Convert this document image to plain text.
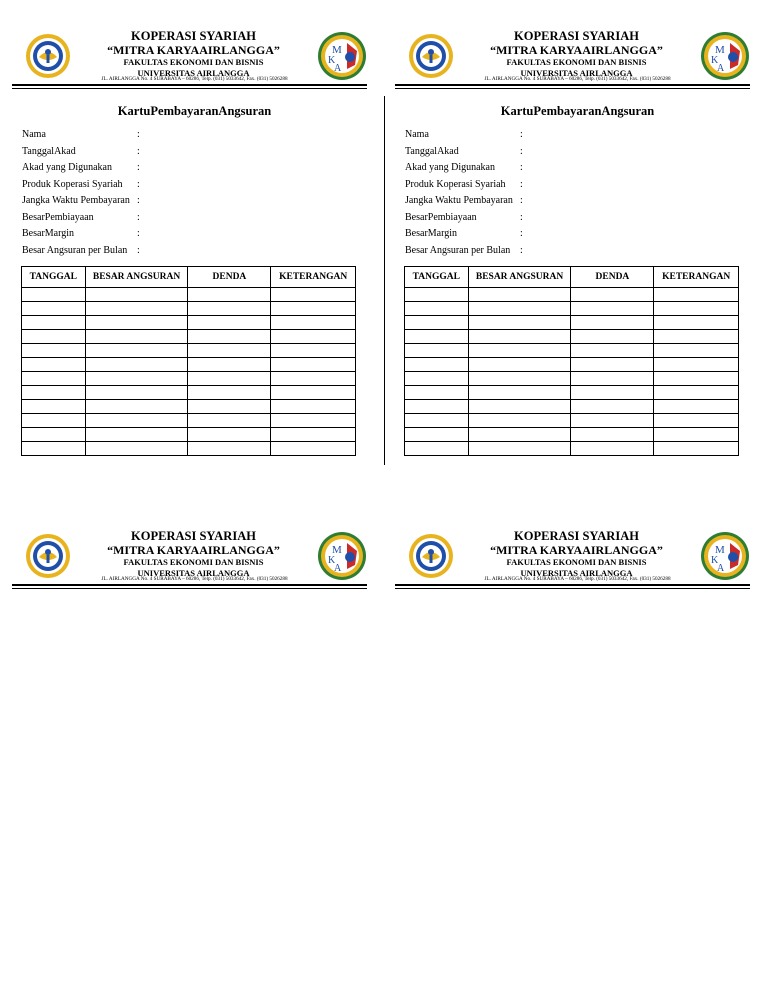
KOPERASI SYARIAH
“MITRA KARYAAIRLANGGA”
FAKULTAS EKONOMI DAN BISNIS
UNIVERSITAS AIRLANGGA
M
K
A
JL. AIRLANGGA No. 4 SURABAYA – 60286, Telp. (031) 5033642, Fax. (031) 5026288
KartuPembayaranAngsuran
Nama	:
TanggalAkad	:
Akad yang Digunakan	:
Produk Koperasi Syariah :
Jangka Waktu Pembayaran :
BesarPembiayaan	:
BesarMargin	:
Besar Angsuran per Bulan :
TANGGAL	BESAR ANGSURAN	DENDA	KETERANGAN

KOPERASI SYARIAH
“MITRA KARYAAIRLANGGA”
FAKULTAS EKONOMI DAN BISNIS
UNIVERSITAS AIRLANGGA
M
K
A
JL. AIRLANGGA No. 4 SURABAYA – 60286, Telp. (031) 5033642, Fax. (031) 5026288
KartuPembayaranAngsuran
Nama	:
TanggalAkad	:
Akad yang Digunakan	:
Produk Koperasi Syariah :
Jangka Waktu Pembayaran :
BesarPembiayaan	:
BesarMargin	:
Besar Angsuran per Bulan :
TANGGAL	BESAR ANGSURAN	DENDA	KETERANGAN

KOPERASI SYARIAH
“MITRA KARYAAIRLANGGA”
FAKULTAS EKONOMI DAN BISNIS
UNIVERSITAS AIRLANGGA
M
K
A
JL. AIRLANGGA No. 4 SURABAYA – 60286, Telp. (031) 5033642, Fax. (031) 5026288
KOPERASI SYARIAH
“MITRA KARYAAIRLANGGA”
FAKULTAS EKONOMI DAN BISNIS
UNIVERSITAS AIRLANGGA
M
K
A
JL. AIRLANGGA No. 4 SURABAYA – 60286, Telp. (031) 5033642, Fax. (031) 5026288
